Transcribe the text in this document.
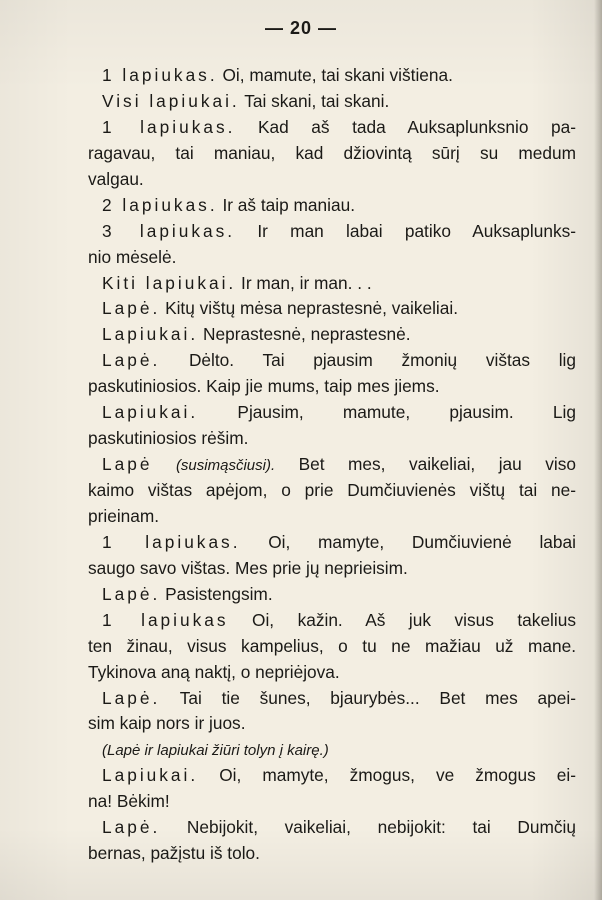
— 20 —
1 lapiukas. Oi, mamute, tai skani vištiena.
Visi lapiukai. Tai skani, tai skani.
1 lapiukas. Kad aš tada Auksaplunksnio pa-
ragavau, tai maniau, kad džiovintą sūrį su medum
valgau.
2 lapiukas. Ir aš taip maniau.
3 lapiukas. Ir man labai patiko Auksaplunks-
nio mėselė.
Kiti lapiukai. Ir man, ir man. . .
Lapė. Kitų vištų mėsa neprastesnė, vaikeliai.
Lapiukai. Neprastesnė, neprastesnė.
Lapė. Dėlto. Tai pjausim žmonių vištas lig
paskutiniosios. Kaip jie mums, taip mes jiems.
Lapiukai. Pjausim, mamute, pjausim. Lig
paskutiniosios rėšim.
Lapė (susimąsčiusi). Bet mes, vaikeliai, jau viso
kaimo vištas apėjom, o prie Dumčiuvienės vištų tai ne-
prieinam.
1 lapiukas. Oi, mamyte, Dumčiuvienė labai
saugo savo vištas. Mes prie jų neprieisim.
Lapė. Pasistengsim.
1 lapiukas Oi, kažin. Aš juk visus takelius
ten žinau, visus kampelius, o tu ne mažiau už mane.
Tykinova aną naktį, o nepriėjova.
Lapė. Tai tie šunes, bjaurybės... Bet mes apei-
sim kaip nors ir juos.
(Lapė ir lapiukai žiūri tolyn į kairę.)
Lapiukai. Oi, mamyte, žmogus, ve žmogus ei-
na! Bėkim!
Lapė. Nebijokit, vaikeliai, nebijokit: tai Dumčių
bernas, pažįstu iš tolo.
